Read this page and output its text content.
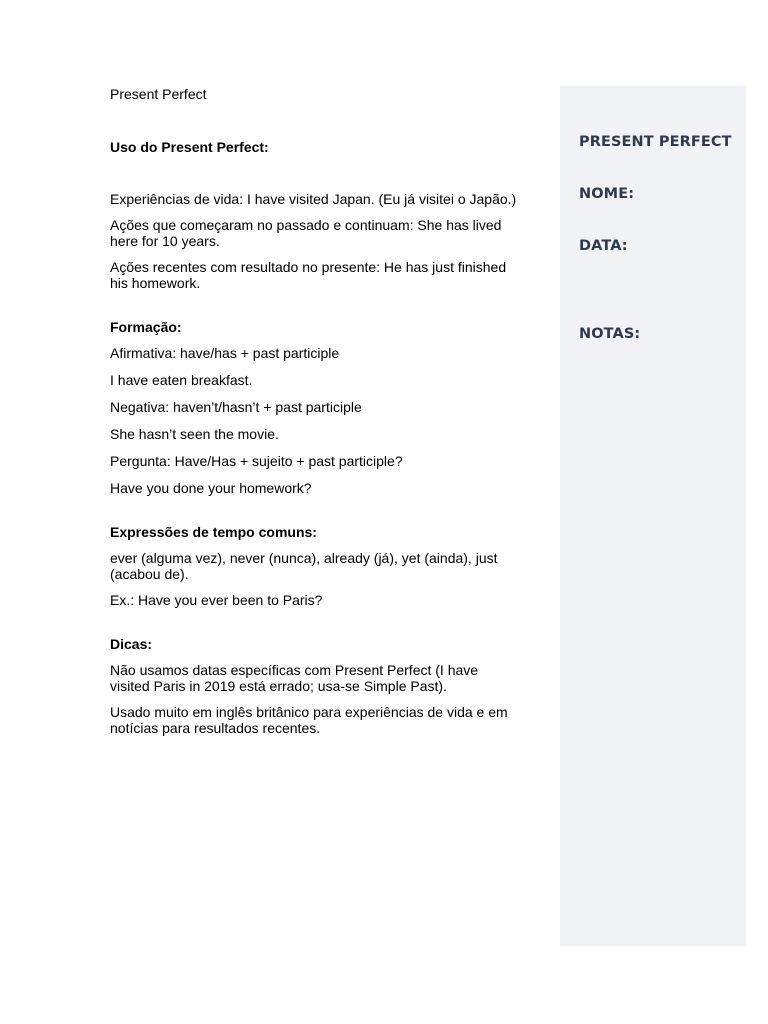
Present Perfect

Uso do Present Perfect:

Experiências de vida: I have visited Japan. (Eu já visitei o Japão.)

Ações que começaram no passado e continuam: She has lived here for 10 years.

Ações recentes com resultado no presente: He has just finished his homework.

Formação:

Afirmativa: have/has + past participle

I have eaten breakfast.

Negativa: haven’t/hasn’t + past participle

She hasn’t seen the movie.

Pergunta: Have/Has + sujeito + past participle?

Have you done your homework?

Expressões de tempo comuns:

ever (alguma vez), never (nunca), already (já), yet (ainda), just (acabou de).

Ex.: Have you ever been to Paris?

Dicas:

Não usamos datas específicas com Present Perfect (I have visited Paris in 2019 está errado; usa-se Simple Past).

Usado muito em inglês britânico para experiências de vida e em notícias para resultados recentes.

PRESENT PERFECT
NOME:
DATA:
NOTAS:
